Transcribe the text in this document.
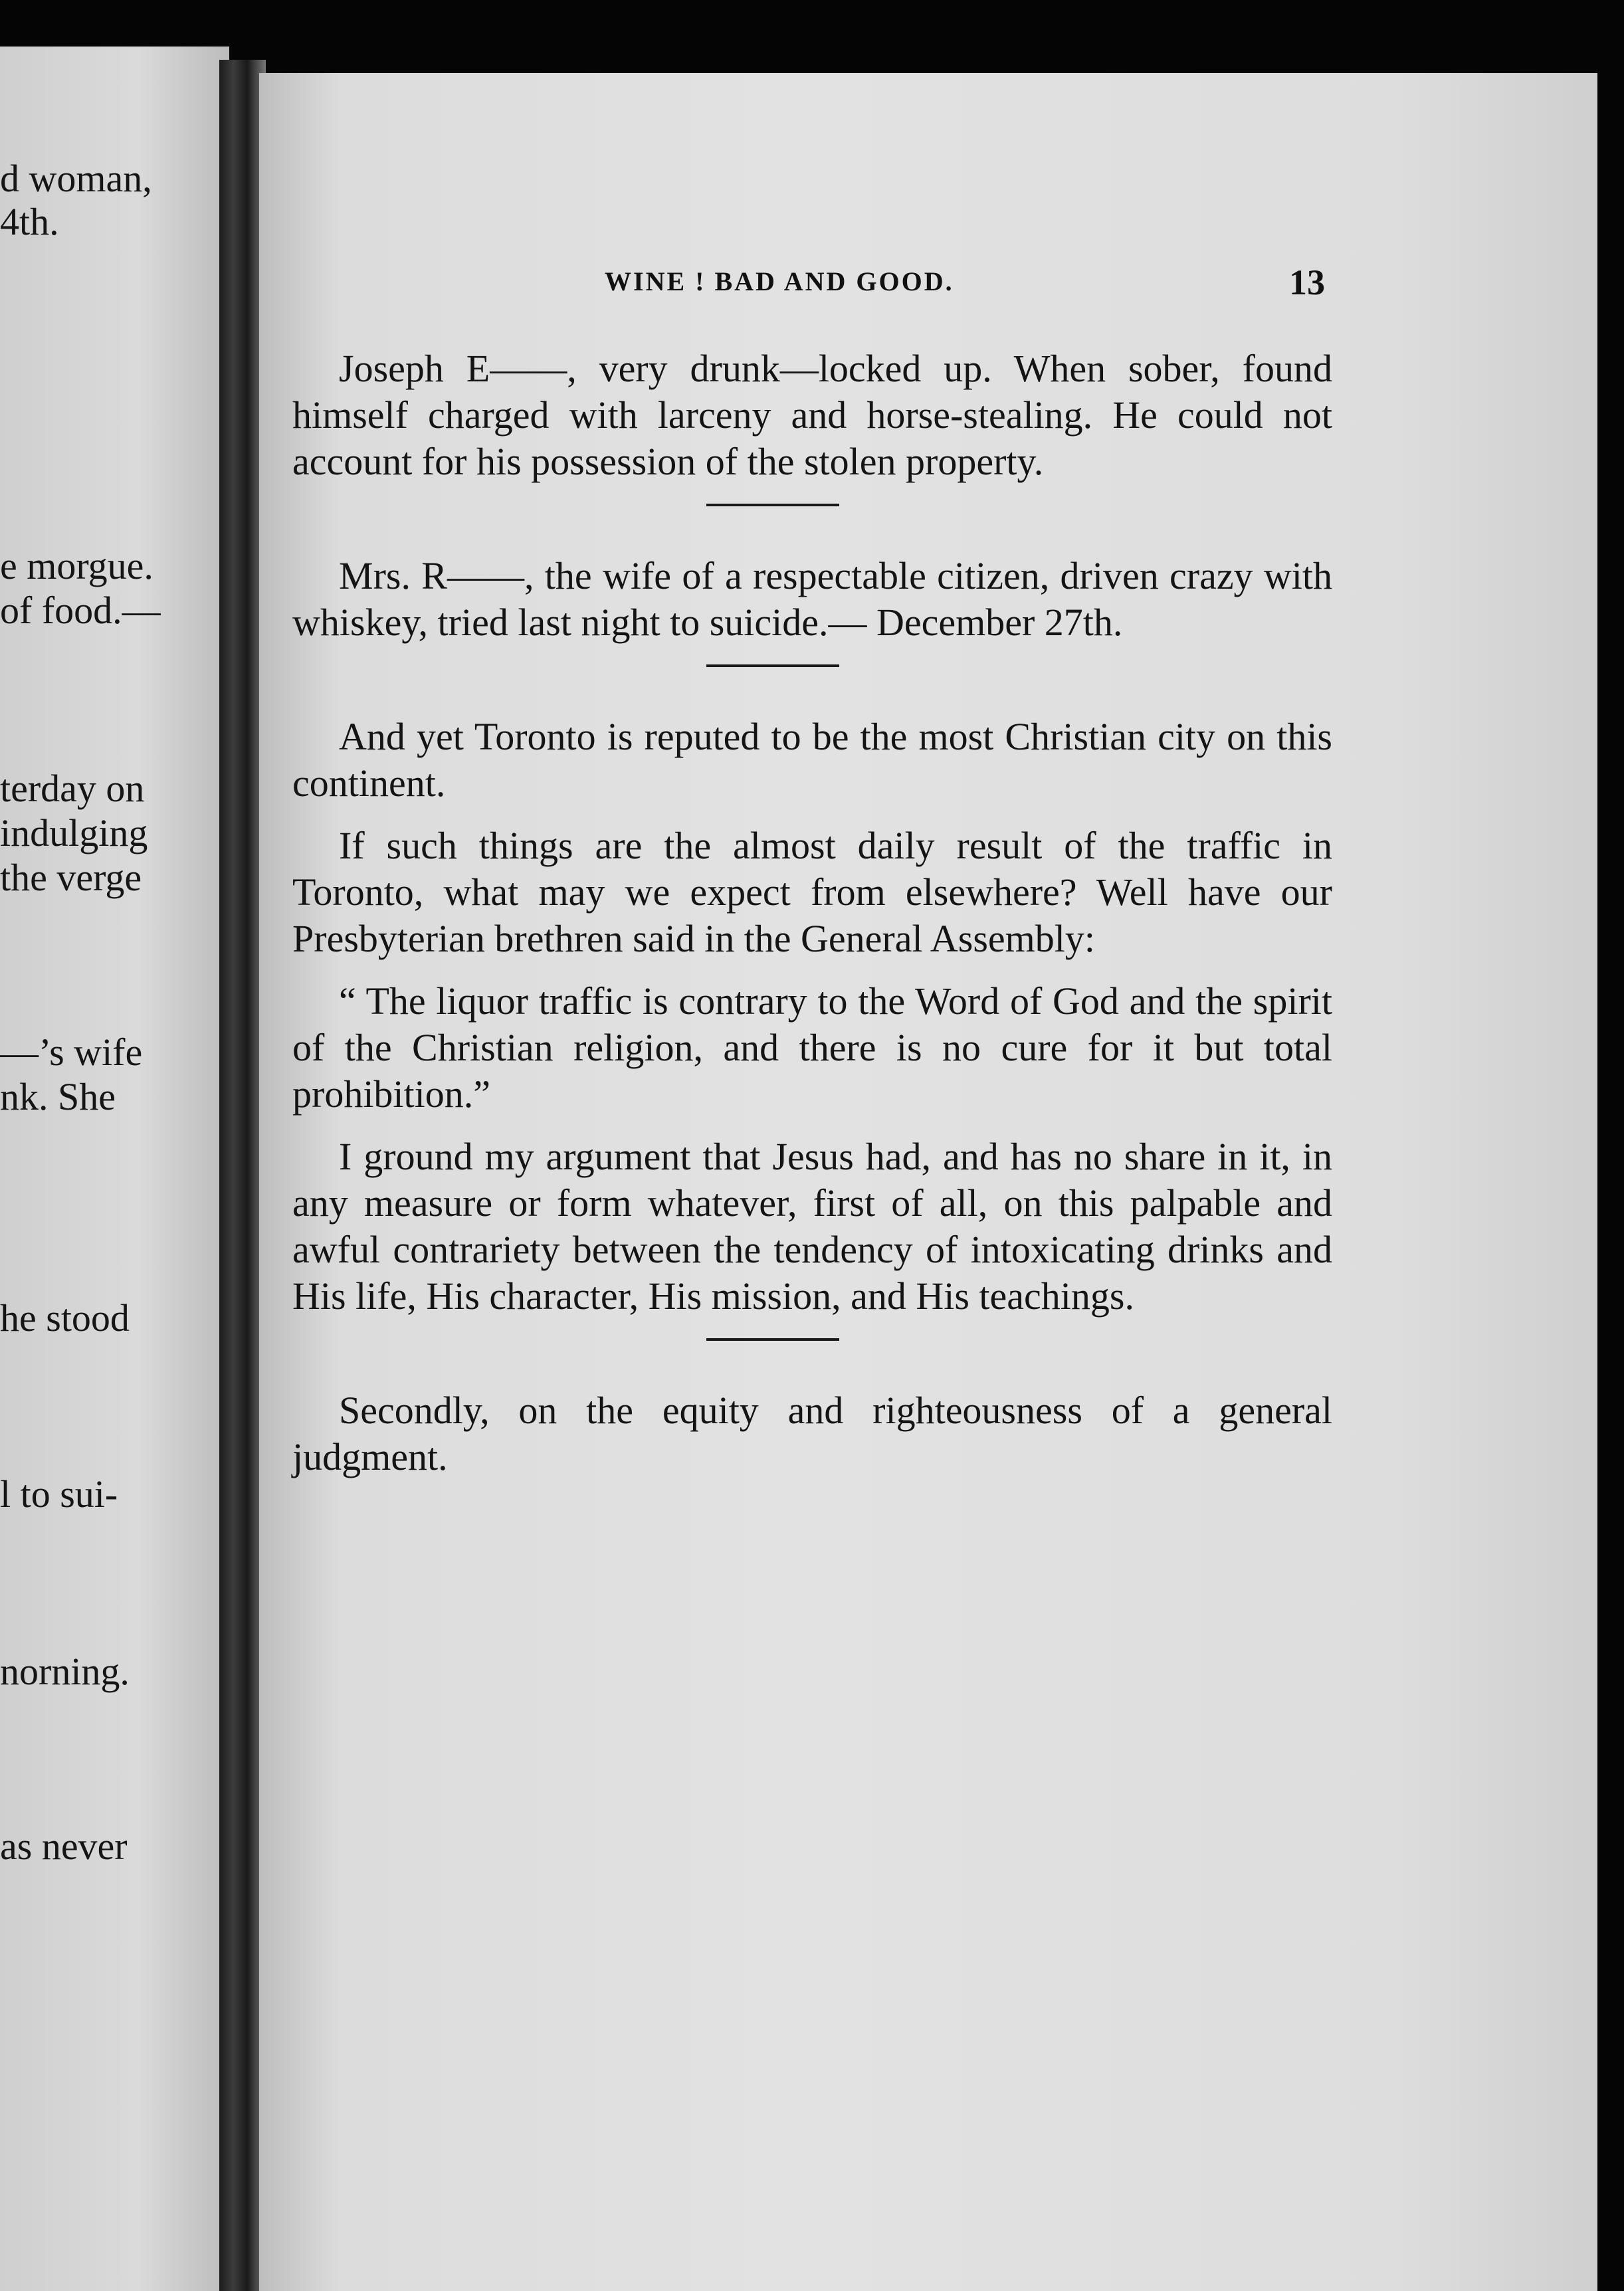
d woman,
4th.
e morgue.
of food.—
terday on
indulging
the verge
—’s wife
nk. She
he stood
l to sui-
norning.
as never
WINE ! BAD AND GOOD.	13

Joseph E——, very drunk—locked up. When sober, found himself charged with larceny and horse-stealing. He could not account for his possession of the stolen property.

Mrs. R——, the wife of a respectable citizen, driven crazy with whiskey, tried last night to suicide.— December 27th.

And yet Toronto is reputed to be the most Christian city on this continent.

If such things are the almost daily result of the traffic in Toronto, what may we expect from elsewhere? Well have our Presbyterian brethren said in the General Assembly:

“ The liquor traffic is contrary to the Word of God and the spirit of the Christian religion, and there is no cure for it but total prohibition.”

I ground my argument that Jesus had, and has no share in it, in any measure or form whatever, first of all, on this palpable and awful contrariety between the tendency of intoxicating drinks and His life, His character, His mission, and His teachings.

Secondly, on the equity and righteousness of a general judgment.
